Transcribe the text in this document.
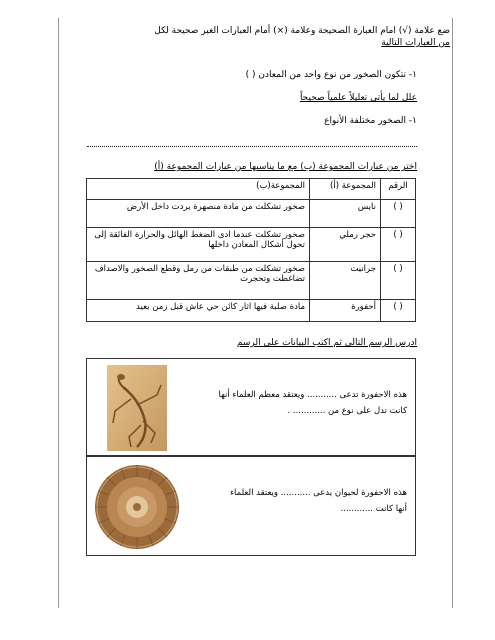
ضع علامة (√) امام العبارة الصحيحة وعلامة (×) أمام العبارات الغير صحيحة لكل
من العبارات التالية
١- تتكون الصخور من نوع واحد من المعادن ( )
علل لما يأتي تعليلاً علمياً صحيحاً
١- الصخور مختلفة الأنواع
اختر من عبارات المجموعة (ب) مع ما يناسبها من عبارات المجموعة (أ)
الرقم	المجموعة (أ)	المجموعة(ب)
( )	نايس	صخور تشكلت من مادة منصهرة بردت داخل الأرض
( )	حجر رملي	صخور تشكلت عندما ادى الضغط الهائل والحرارة الفائقة إلى تحول أشكال المعادن داخلها
( )	جرانيت	صخور تشكلت من طبقات من رمل وقطع الصخور والاصداف تضاغطت وتحجرت
( )	أحفورة	مادة صلبة فيها اثار كائن حي عاش قبل زمن بعيد
ادرس الرسم التالي ثم اكتب البيانات على الرسم
هذه الاحفورة تدعى ........... ويعتقد معظم العلماء أنها
كانت تدل على نوع من ............ .
هذه الاحفورة لحيوان يدعى ........... ويعتقد العلماء
أنها كانت ............
